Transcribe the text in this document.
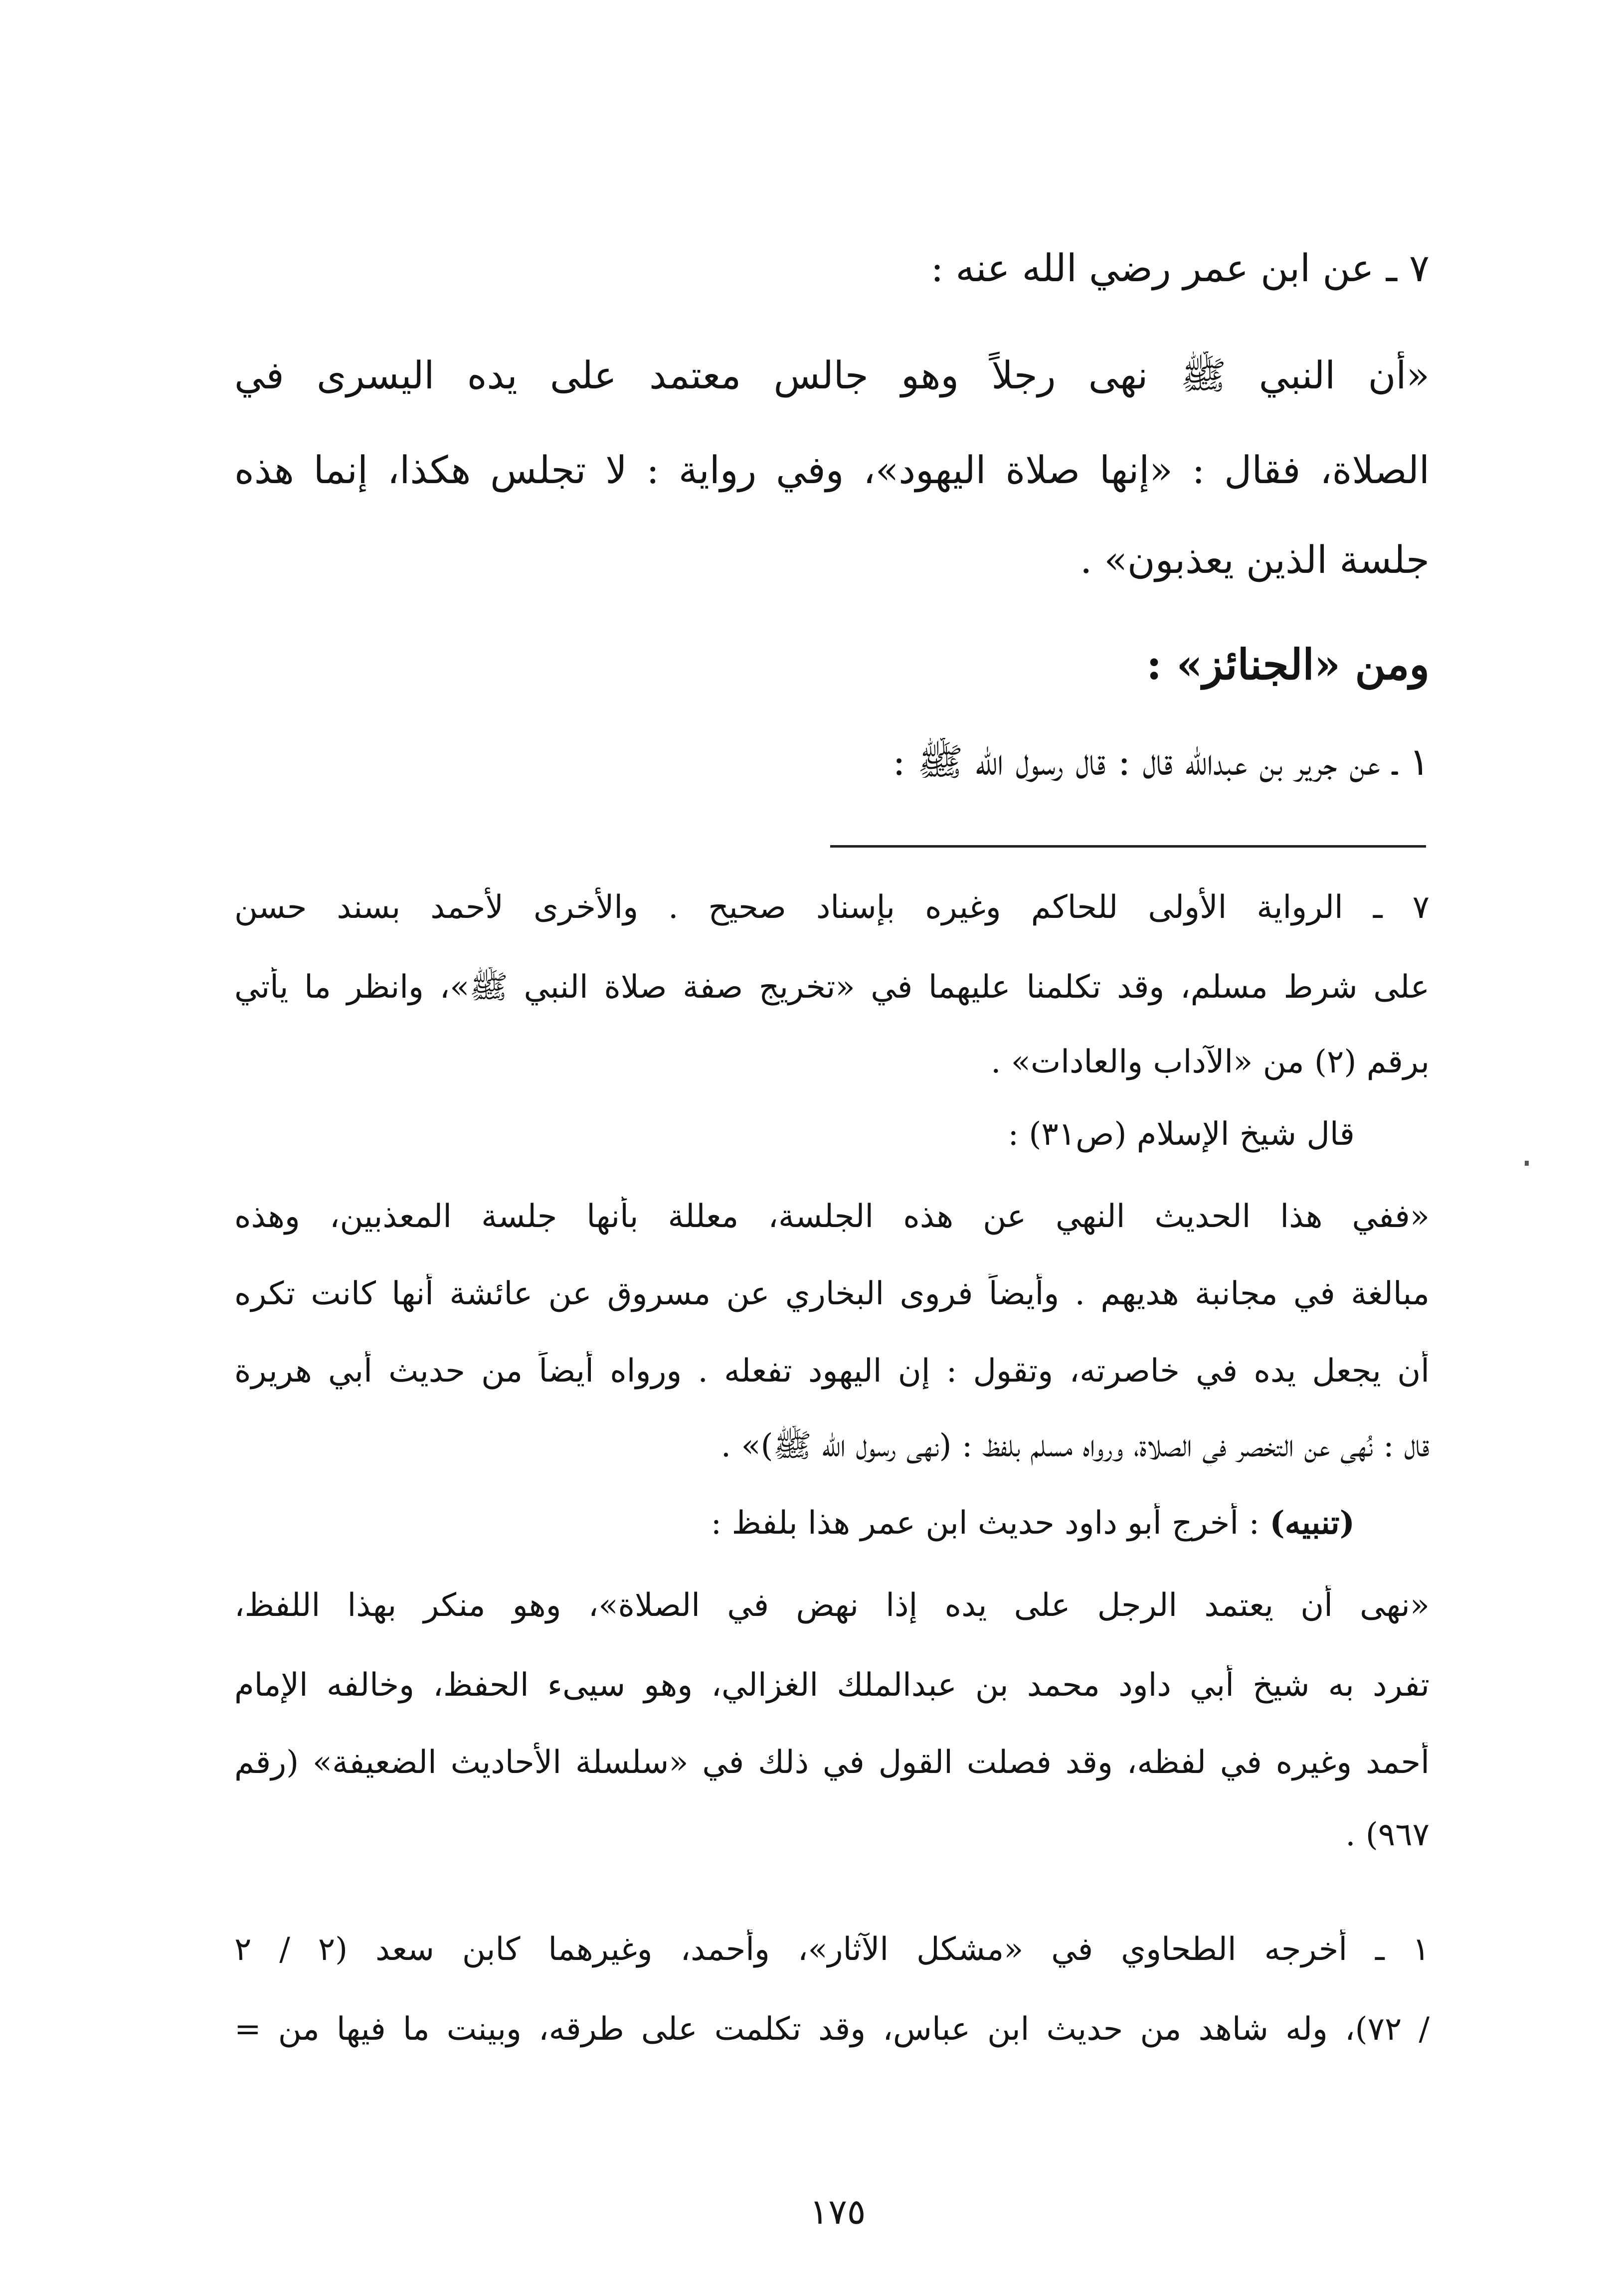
٧ ـ عن ابن عمر رضي الله عنه :
«أن النبي ﷺ نهى رجلاً وهو جالس معتمد على يده اليسرى في
الصلاة، فقال : «إنها صلاة اليهود»، وفي رواية : لا تجلس هكذا، إنما هذه
جلسة الذين يعذبون» .
ومن «الجنائز» :
١ ـ عن جرير بن عبدالله قال : قال رسول الله ﷺ :
٧ ـ الرواية الأولى للحاكم وغيره بإسناد صحيح . والأخرى لأحمد بسند حسن
على شرط مسلم، وقد تكلمنا عليهما في «تخريج صفة صلاة النبي ﷺ»، وانظر ما يأتي
برقم (٢) من «الآداب والعادات» .
قال شيخ الإسلام (ص٣١) :
«ففي هذا الحديث النهي عن هذه الجلسة، معللة بأنها جلسة المعذبين، وهذه
مبالغة في مجانبة هديهم . وأيضاً فروى البخاري عن مسروق عن عائشة أنها كانت تكره
أن يجعل يده في خاصرته، وتقول : إن اليهود تفعله . ورواه أيضاً من حديث أبي هريرة
قال : نُهي عن التخصر في الصلاة، ورواه مسلم بلفظ : (نهى رسول الله ﷺ)» .
(تنبيه) : أخرج أبو داود حديث ابن عمر هذا بلفظ :
«نهى أن يعتمد الرجل على يده إذا نهض في الصلاة»، وهو منكر بهذا اللفظ،
تفرد به شيخ أبي داود محمد بن عبدالملك الغزالي، وهو سيىء الحفظ، وخالفه الإمام
أحمد وغيره في لفظه، وقد فصلت القول في ذلك في «سلسلة الأحاديث الضعيفة» (رقم
٩٦٧) .
١ ـ أخرجه الطحاوي في «مشكل الآثار»، وأحمد، وغيرهما كابن سعد (٢ / ٢
/ ٧٢)، وله شاهد من حديث ابن عباس، وقد تكلمت على طرقه، وبينت ما فيها من =
١٧٥
